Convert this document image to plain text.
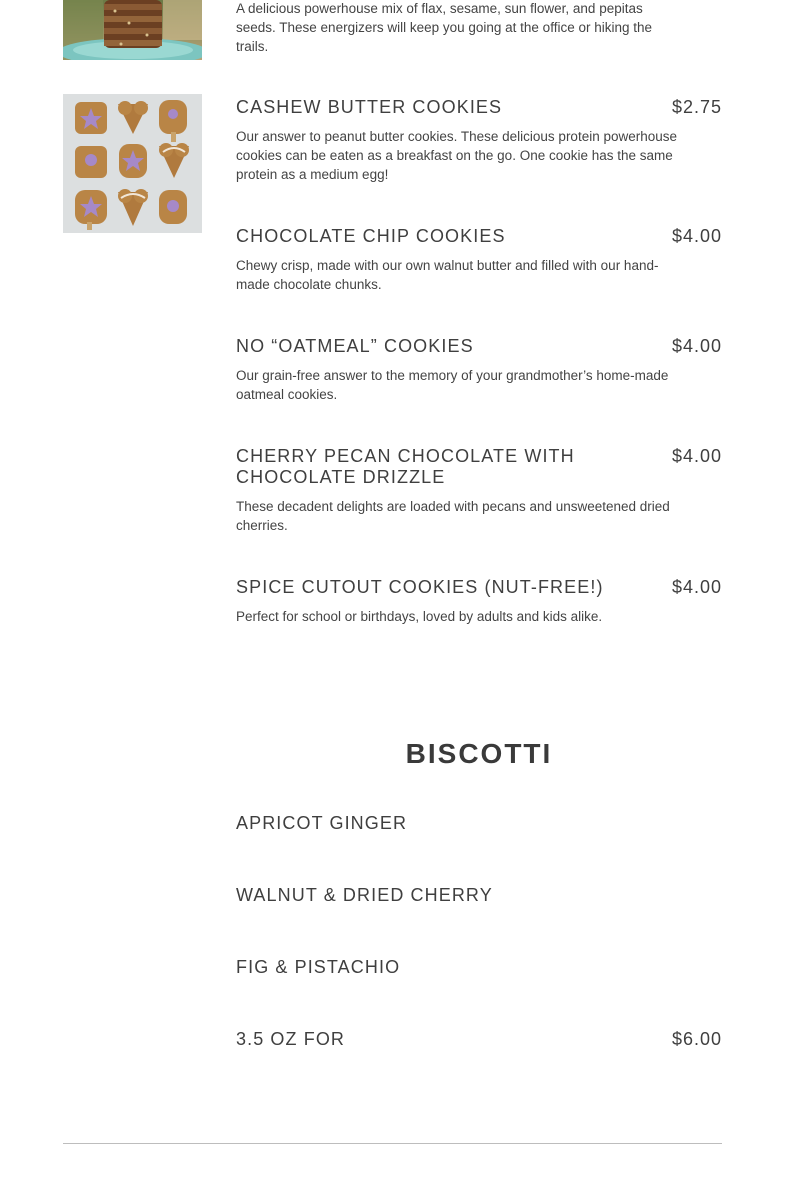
A delicious powerhouse mix of flax, sesame, sun flower, and pepitas seeds. These energizers will keep you going at the office or hiking the trails.
CASHEW BUTTER COOKIES	$2.75
Our answer to peanut butter cookies. These delicious protein powerhouse cookies can be eaten as a breakfast on the go. One cookie has the same protein as a medium egg!
CHOCOLATE CHIP COOKIES	$4.00
Chewy crisp, made with our own walnut butter and filled with our hand-made chocolate chunks.
NO “OATMEAL” COOKIES	$4.00
Our grain-free answer to the memory of your grandmother’s home-made oatmeal cookies.
CHERRY PECAN CHOCOLATE WITH CHOCOLATE DRIZZLE
$4.00
These decadent delights are loaded with pecans and unsweetened dried cherries.
SPICE CUTOUT COOKIES (NUT-FREE!)	$4.00
Perfect for school or birthdays, loved by adults and kids alike.
BISCOTTI
APRICOT GINGER
WALNUT & DRIED CHERRY
FIG & PISTACHIO
3.5 OZ FOR	$6.00
